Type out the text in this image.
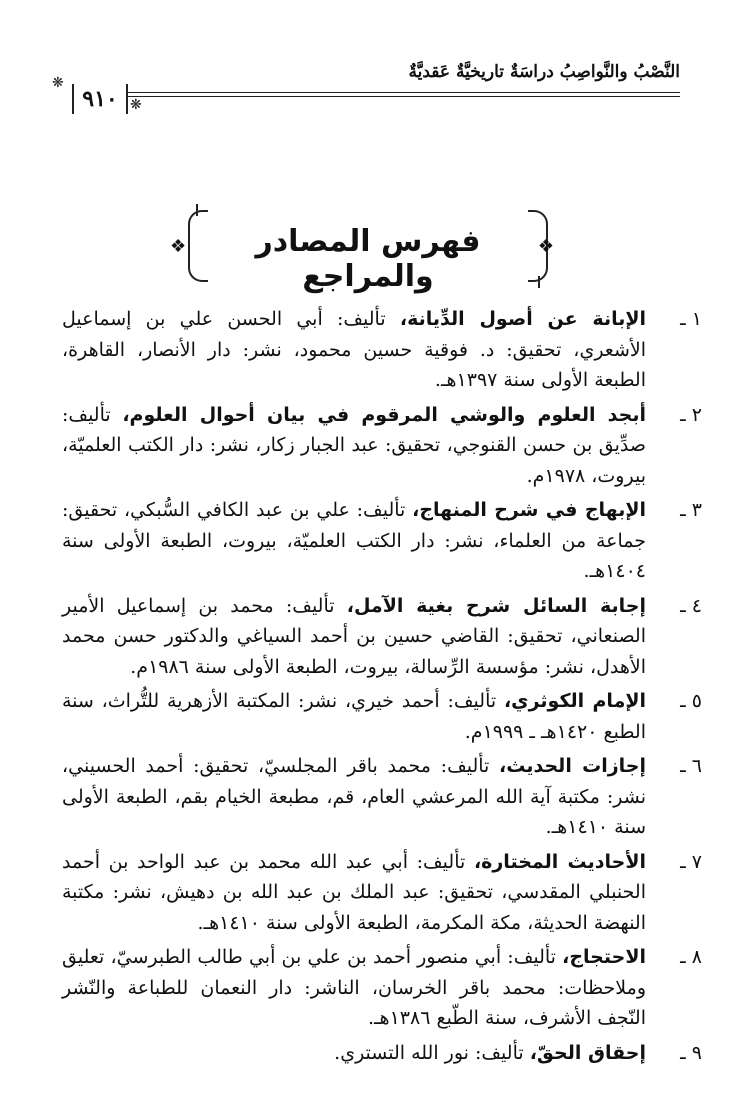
٩١٠
❋
❋
النَّصْبُ والنَّواصِبُ دراسَةٌ تاريخيَّةٌ عَقديَّةٌ
❖	❖
فهرس المصادر والمراجع
١ ـ
الإبانة عن أصول الدِّيانة، تأليف: أبي الحسن علي بن إسماعيل الأشعري، تحقيق: د. فوقية حسين محمود، نشر: دار الأنصار، القاهرة، الطبعة الأولى سنة ١٣٩٧هـ.
٢ ـ
أبجد العلوم والوشي المرقوم في بيان أحوال العلوم، تأليف: صدِّيق بن حسن القنوجي، تحقيق: عبد الجبار زكار، نشر: دار الكتب العلميّة، بيروت، ١٩٧٨م.
٣ ـ
الإبهاج في شرح المنهاج، تأليف: علي بن عبد الكافي السُّبكي، تحقيق: جماعة من العلماء، نشر: دار الكتب العلميّة، بيروت، الطبعة الأولى سنة ١٤٠٤هـ.
٤ ـ
إجابة السائل شرح بغية الآمل، تأليف: محمد بن إسماعيل الأمير الصنعاني، تحقيق: القاضي حسين بن أحمد السياغي والدكتور حسن محمد الأهدل، نشر: مؤسسة الرِّسالة، بيروت، الطبعة الأولى سنة ١٩٨٦م.
٥ ـ
الإمام الكوثري، تأليف: أحمد خيري، نشر: المكتبة الأزهرية للتُّراث، سنة الطبع ١٤٢٠هـ ـ ١٩٩٩م.
٦ ـ
إجازات الحديث، تأليف: محمد باقر المجلسيّ، تحقيق: أحمد الحسيني، نشر: مكتبة آية الله المرعشي العام، قم، مطبعة الخيام بقم، الطبعة الأولى سنة ١٤١٠هـ.
٧ ـ
الأحاديث المختارة، تأليف: أبي عبد الله محمد بن عبد الواحد بن أحمد الحنبلي المقدسي، تحقيق: عبد الملك بن عبد الله بن دهيش، نشر: مكتبة النهضة الحديثة، مكة المكرمة، الطبعة الأولى سنة ١٤١٠هـ.
٨ ـ
الاحتجاج، تأليف: أبي منصور أحمد بن علي بن أبي طالب الطبرسيّ، تعليق وملاحظات: محمد باقر الخرسان، الناشر: دار النعمان للطباعة والنّشر النّجف الأشرف، سنة الطّبع ١٣٨٦هـ.
٩ ـ
إحقاق الحقّ، تأليف: نور الله التستري.
